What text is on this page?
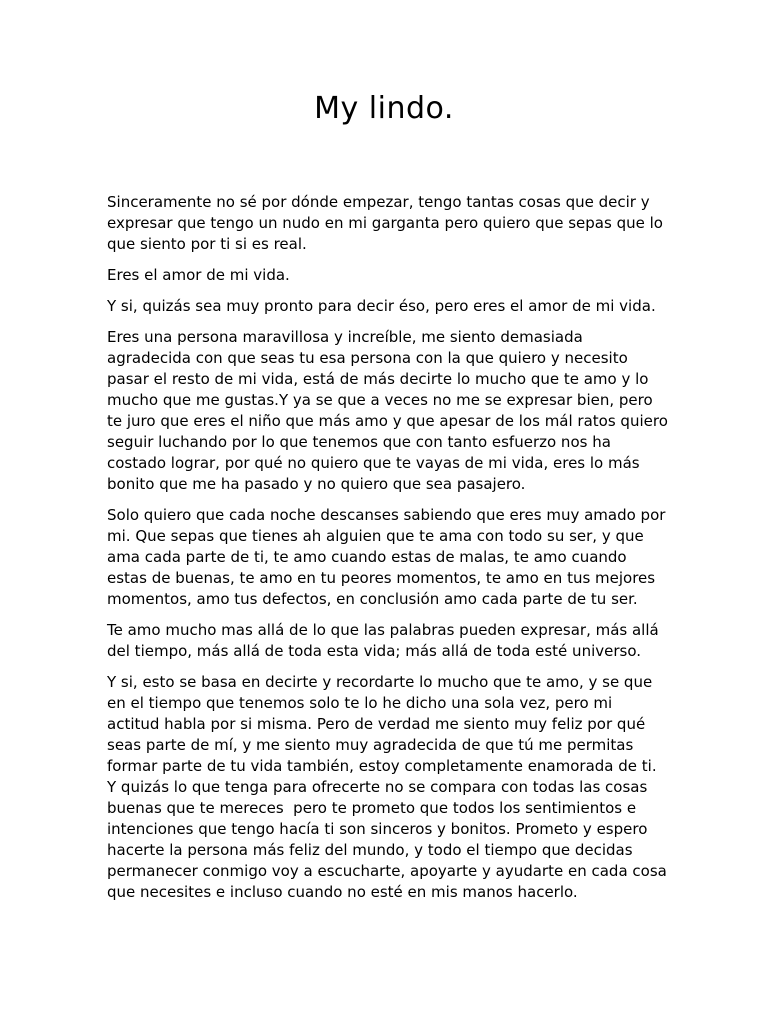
My lindo.

Sinceramente no sé por dónde empezar, tengo tantas cosas que decir y expresar que tengo un nudo en mi garganta pero quiero que sepas que lo que siento por ti si es real.

Eres el amor de mi vida.

Y si, quizás sea muy pronto para decir éso, pero eres el amor de mi vida.

Eres una persona maravillosa y increíble, me siento demasiada agradecida con que seas tu esa persona con la que quiero y necesito pasar el resto de mi vida, está de más decirte lo mucho que te amo y lo mucho que me gustas.Y ya se que a veces no me se expresar bien, pero te juro que eres el niño que más amo y que apesar de los mál ratos quiero seguir luchando por lo que tenemos que con tanto esfuerzo nos ha costado lograr, por qué no quiero que te vayas de mi vida, eres lo más bonito que me ha pasado y no quiero que sea pasajero.

Solo quiero que cada noche descanses sabiendo que eres muy amado por mi. Que sepas que tienes ah alguien que te ama con todo su ser, y que ama cada parte de ti, te amo cuando estas de malas, te amo cuando estas de buenas, te amo en tu peores momentos, te amo en tus mejores momentos, amo tus defectos, en conclusión amo cada parte de tu ser.

Te amo mucho mas allá de lo que las palabras pueden expresar, más allá del tiempo, más allá de toda esta vida; más allá de toda esté universo.

Y si, esto se basa en decirte y recordarte lo mucho que te amo, y se que en el tiempo que tenemos solo te lo he dicho una sola vez, pero mi actitud habla por si misma. Pero de verdad me siento muy feliz por qué seas parte de mí, y me siento muy agradecida de que tú me permitas formar parte de tu vida también, estoy completamente enamorada de ti. Y quizás lo que tenga para ofrecerte no se compara con todas las cosas buenas que te mereces  pero te prometo que todos los sentimientos e intenciones que tengo hacía ti son sinceros y bonitos. Prometo y espero hacerte la persona más feliz del mundo, y todo el tiempo que decidas permanecer conmigo voy a escucharte, apoyarte y ayudarte en cada cosa que necesites e incluso cuando no esté en mis manos hacerlo.
